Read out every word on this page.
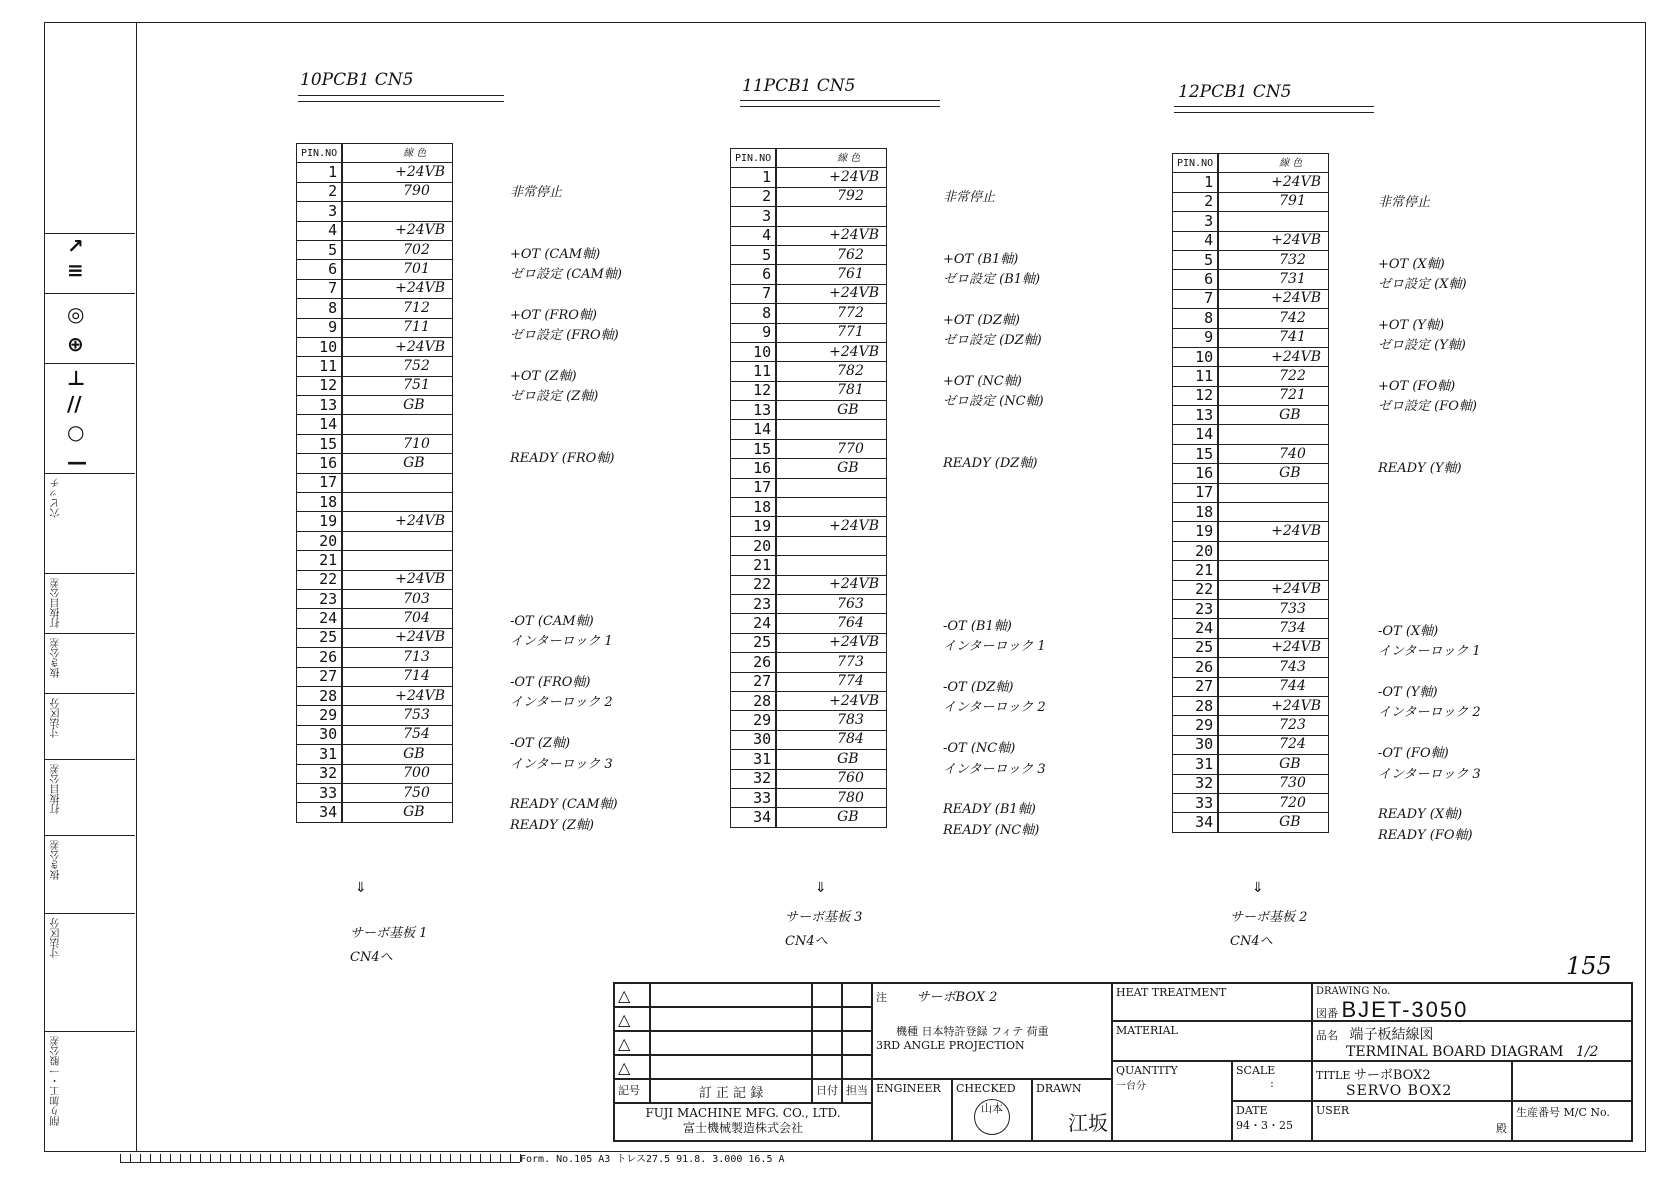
削り加工・一般公差
寸法区分
抜き公差
打抜目公差
寸法区分
抜き公差
打抜目公差
穴ピッチ
—
○
//
⊥
⊕
◎
≡
↗
10PCB1 CN5
PIN.NO	線 色
1	+24VB
2	790
3	
4	+24VB
5	702
6	701
7	+24VB
8	712
9	711
10	+24VB
11	752
12	751
13	GB
14	
15	710
16	GB
17	
18	
19	+24VB
20	
21	
22	+24VB
23	703
24	704
25	+24VB
26	713
27	714
28	+24VB
29	753
30	754
31	GB
32	700
33	750
34	GB
非常停止
+OT (CAM軸)
ゼロ設定 (CAM軸)
+OT (FRO軸)
ゼロ設定 (FRO軸)
+OT (Z軸)
ゼロ設定 (Z軸)
READY (FRO軸)
-OT (CAM軸)
インターロック 1
-OT (FRO軸)
インターロック 2
-OT (Z軸)
インターロック 3
READY (CAM軸)
READY (Z軸)
11PCB1 CN5
PIN.NO	線 色
1	+24VB
2	792
3	
4	+24VB
5	762
6	761
7	+24VB
8	772
9	771
10	+24VB
11	782
12	781
13	GB
14	
15	770
16	GB
17	
18	
19	+24VB
20	
21	
22	+24VB
23	763
24	764
25	+24VB
26	773
27	774
28	+24VB
29	783
30	784
31	GB
32	760
33	780
34	GB
非常停止
+OT (B1軸)
ゼロ設定 (B1軸)
+OT (DZ軸)
ゼロ設定 (DZ軸)
+OT (NC軸)
ゼロ設定 (NC軸)
READY (DZ軸)
-OT (B1軸)
インターロック 1
-OT (DZ軸)
インターロック 2
-OT (NC軸)
インターロック 3
READY (B1軸)
READY (NC軸)
12PCB1 CN5
PIN.NO	線 色
1	+24VB
2	791
3	
4	+24VB
5	732
6	731
7	+24VB
8	742
9	741
10	+24VB
11	722
12	721
13	GB
14	
15	740
16	GB
17	
18	
19	+24VB
20	
21	
22	+24VB
23	733
24	734
25	+24VB
26	743
27	744
28	+24VB
29	723
30	724
31	GB
32	730
33	720
34	GB
非常停止
+OT (X軸)
ゼロ設定 (X軸)
+OT (Y軸)
ゼロ設定 (Y軸)
+OT (FO軸)
ゼロ設定 (FO軸)
READY (Y軸)
-OT (X軸)
インターロック 1
-OT (Y軸)
インターロック 2
-OT (FO軸)
インターロック 3
READY (X軸)
READY (FO軸)
⇓
サーボ基板 1
CN4へ
⇓
サーボ基板 3
CN4へ
⇓
サーボ基板 2
CN4へ
155
△
△
△
△
記号	訂 正 記 録	日付 担当
FUJI MACHINE MFG. CO., LTD.
富士機械製造株式会社
注 サーボBOX 2
機種 日本特許登録 フィテ 荷重
3RD ANGLE PROJECTION
ENGINEER	CHECKED
山本
DRAWN
江坂
HEAT TREATMENT
MATERIAL
QUANTITY
一台分
SCALE
:
DATE
94・3・25
DRAWING No.
図番 BJET-3050
品名 端子板結線図
TERMINAL BOARD DIAGRAM 1/2
TITLE サーボBOX2
SERVO BOX2
USER
殿
生産番号 M/C No.
Form. No.105 A3 トレス27.5 91.8. 3.000 16.5 A
